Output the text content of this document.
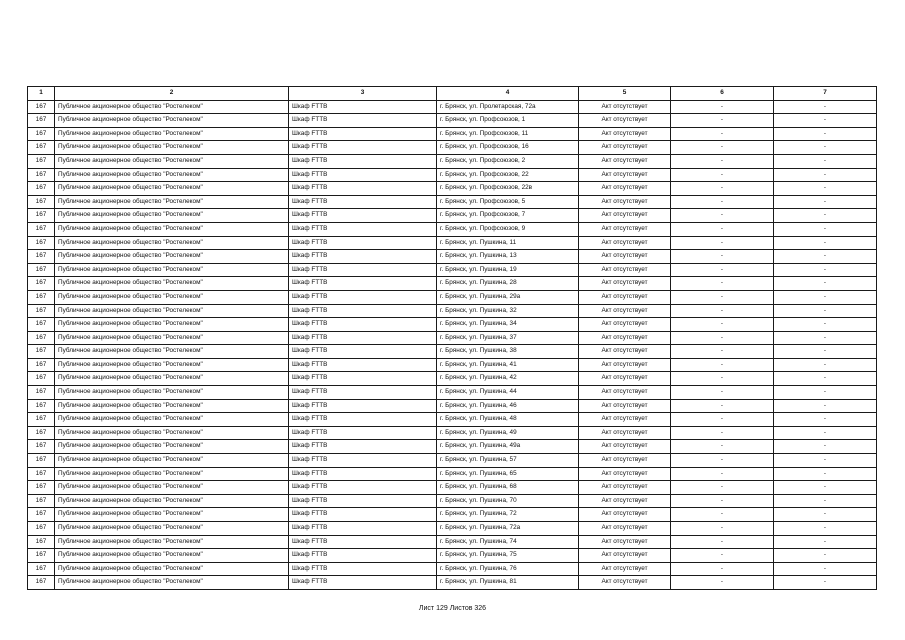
1	2	3	4	5	6	7
167	Публичное акционерное общество "Ростелеком"	Шкаф FTTB	г. Брянск, ул. Пролетарская, 72а	Акт отсутствует	-	-
167	Публичное акционерное общество "Ростелеком"	Шкаф FTTB	г. Брянск, ул. Профсоюзов, 1	Акт отсутствует	-	-
167	Публичное акционерное общество "Ростелеком"	Шкаф FTTB	г. Брянск, ул. Профсоюзов, 11	Акт отсутствует	-	-
167	Публичное акционерное общество "Ростелеком"	Шкаф FTTB	г. Брянск, ул. Профсоюзов, 16	Акт отсутствует	-	-
167	Публичное акционерное общество "Ростелеком"	Шкаф FTTB	г. Брянск, ул. Профсоюзов, 2	Акт отсутствует	-	-
167	Публичное акционерное общество "Ростелеком"	Шкаф FTTB	г. Брянск, ул. Профсоюзов, 22	Акт отсутствует	-	-
167	Публичное акционерное общество "Ростелеком"	Шкаф FTTB	г. Брянск, ул. Профсоюзов, 22в	Акт отсутствует	-	-
167	Публичное акционерное общество "Ростелеком"	Шкаф FTTB	г. Брянск, ул. Профсоюзов, 5	Акт отсутствует	-	-
167	Публичное акционерное общество "Ростелеком"	Шкаф FTTB	г. Брянск, ул. Профсоюзов, 7	Акт отсутствует	-	-
167	Публичное акционерное общество "Ростелеком"	Шкаф FTTB	г. Брянск, ул. Профсоюзов, 9	Акт отсутствует	-	-
167	Публичное акционерное общество "Ростелеком"	Шкаф FTTB	г. Брянск, ул. Пушкина, 11	Акт отсутствует	-	-
167	Публичное акционерное общество "Ростелеком"	Шкаф FTTB	г. Брянск, ул. Пушкина, 13	Акт отсутствует	-	-
167	Публичное акционерное общество "Ростелеком"	Шкаф FTTB	г. Брянск, ул. Пушкина, 19	Акт отсутствует	-	-
167	Публичное акционерное общество "Ростелеком"	Шкаф FTTB	г. Брянск, ул. Пушкина, 28	Акт отсутствует	-	-
167	Публичное акционерное общество "Ростелеком"	Шкаф FTTB	г. Брянск, ул. Пушкина, 29а	Акт отсутствует	-	-
167	Публичное акционерное общество "Ростелеком"	Шкаф FTTB	г. Брянск, ул. Пушкина, 32	Акт отсутствует	-	-
167	Публичное акционерное общество "Ростелеком"	Шкаф FTTB	г. Брянск, ул. Пушкина, 34	Акт отсутствует	-	-
167	Публичное акционерное общество "Ростелеком"	Шкаф FTTB	г. Брянск, ул. Пушкина, 37	Акт отсутствует	-	-
167	Публичное акционерное общество "Ростелеком"	Шкаф FTTB	г. Брянск, ул. Пушкина, 38	Акт отсутствует	-	-
167	Публичное акционерное общество "Ростелеком"	Шкаф FTTB	г. Брянск, ул. Пушкина, 41	Акт отсутствует	-	-
167	Публичное акционерное общество "Ростелеком"	Шкаф FTTB	г. Брянск, ул. Пушкина, 42	Акт отсутствует	-	-
167	Публичное акционерное общество "Ростелеком"	Шкаф FTTB	г. Брянск, ул. Пушкина, 44	Акт отсутствует	-	-
167	Публичное акционерное общество "Ростелеком"	Шкаф FTTB	г. Брянск, ул. Пушкина, 46	Акт отсутствует	-	-
167	Публичное акционерное общество "Ростелеком"	Шкаф FTTB	г. Брянск, ул. Пушкина, 48	Акт отсутствует	-	-
167	Публичное акционерное общество "Ростелеком"	Шкаф FTTB	г. Брянск, ул. Пушкина, 49	Акт отсутствует	-	-
167	Публичное акционерное общество "Ростелеком"	Шкаф FTTB	г. Брянск, ул. Пушкина, 49а	Акт отсутствует	-	-
167	Публичное акционерное общество "Ростелеком"	Шкаф FTTB	г. Брянск, ул. Пушкина, 57	Акт отсутствует	-	-
167	Публичное акционерное общество "Ростелеком"	Шкаф FTTB	г. Брянск, ул. Пушкина, 65	Акт отсутствует	-	-
167	Публичное акционерное общество "Ростелеком"	Шкаф FTTB	г. Брянск, ул. Пушкина, 68	Акт отсутствует	-	-
167	Публичное акционерное общество "Ростелеком"	Шкаф FTTB	г. Брянск, ул. Пушкина, 70	Акт отсутствует	-	-
167	Публичное акционерное общество "Ростелеком"	Шкаф FTTB	г. Брянск, ул. Пушкина, 72	Акт отсутствует	-	-
167	Публичное акционерное общество "Ростелеком"	Шкаф FTTB	г. Брянск, ул. Пушкина, 72а	Акт отсутствует	-	-
167	Публичное акционерное общество "Ростелеком"	Шкаф FTTB	г. Брянск, ул. Пушкина, 74	Акт отсутствует	-	-
167	Публичное акционерное общество "Ростелеком"	Шкаф FTTB	г. Брянск, ул. Пушкина, 75	Акт отсутствует	-	-
167	Публичное акционерное общество "Ростелеком"	Шкаф FTTB	г. Брянск, ул. Пушкина, 76	Акт отсутствует	-	-
167	Публичное акционерное общество "Ростелеком"	Шкаф FTTB	г. Брянск, ул. Пушкина, 81	Акт отсутствует	-	-
Лист 129 Листов 326
